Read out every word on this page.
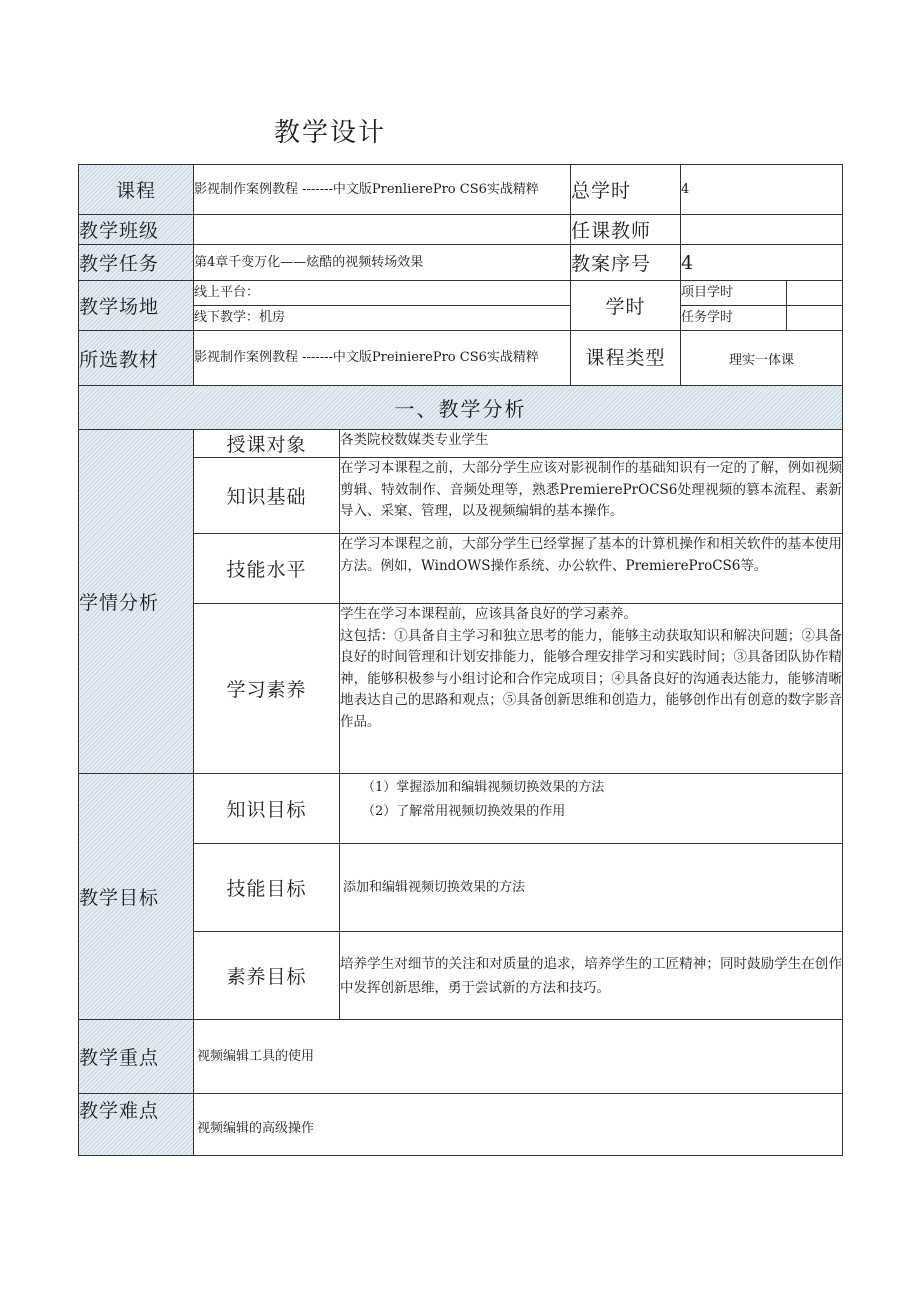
教学设计
课程	影视制作案例教程 -------中文版PrenlierePro CS6实战精粹		总学时	4	
教学班级			任课教师		
教学任务	第4章千变万化——炫酷的视频转场效果		教案序号	4	
教学场地	线上平台：		学时	项目学时	
	线下教学：机房			任务学时	
所选教材	影视制作案例教程 -------中文版PreinierePro CS6实战精粹		课程类型	理实一体课	
一、教学分析					
学情分析	授课对象	各类院校数媒类专业学生			
	知识基础	在学习本课程之前，大部分学生应该对影视制作的基础知识有一定的了解，例如视频剪辑、特效制作、音频处理等，熟悉PremierePrOCS6处理视频的篡本流程、素新导入、采窠、管理，以及视频编辑的基本操作。			
	技能水平	在学习本课程之前，大部分学生已经掌握了基本的计算机操作和相关软件的基本使用方法。例如，WindOWS操作系统、办公软件、PremiereProCS6等。			
	学习素养	学生在学习本课程前，应该具备良好的学习素养。
这包括：①具备自主学习和独立思考的能力，能够主动获取知识和解决问题；②具备良好的时间管理和计划安排能力，能够合理安排学习和实践时间；③具备团队协作精神，能够积极参与小组讨论和合作完成项目；④具备良好的沟通表达能力，能够清晰地表达自己的思路和观点；⑤具备创新思维和创造力，能够创作出有创意的数字影音作品。			

教学目标	知识目标	（1）掌握添加和编辑视频切换效果的方法
（2）了解常用视频切换效果的作用			

	技能目标	添加和编辑视频切换效果的方法			
	素养目标	培养学生对细节的关注和对质量的追求，培养学生的工匠精神；同时鼓励学生在创作中发挥创新思维，勇于尝试新的方法和技巧。			
教学重点	视频编辑工具的使用				
教学难点	视频编辑的高级操作				
